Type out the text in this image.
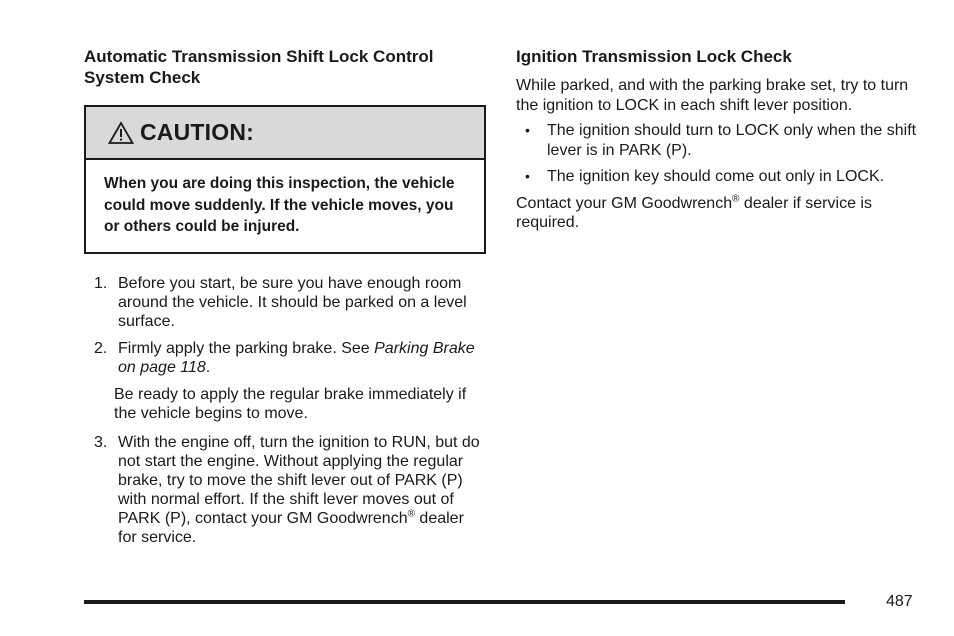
Automatic Transmission Shift Lock Control System Check
CAUTION:
When you are doing this inspection, the vehicle could move suddenly. If the vehicle moves, you or others could be injured.
1. Before you start, be sure you have enough room around the vehicle. It should be parked on a level surface.
2. Firmly apply the parking brake. See Parking Brake on page 118.
Be ready to apply the regular brake immediately if the vehicle begins to move.
3. With the engine off, turn the ignition to RUN, but do not start the engine. Without applying the regular brake, try to move the shift lever out of PARK (P) with normal effort. If the shift lever moves out of PARK (P), contact your GM Goodwrench® dealer for service.
Ignition Transmission Lock Check

While parked, and with the parking brake set, try to turn the ignition to LOCK in each shift lever position.

•	The ignition should turn to LOCK only when the shift lever is in PARK (P).
•	The ignition key should come out only in LOCK.

Contact your GM Goodwrench® dealer if service is required.

487
